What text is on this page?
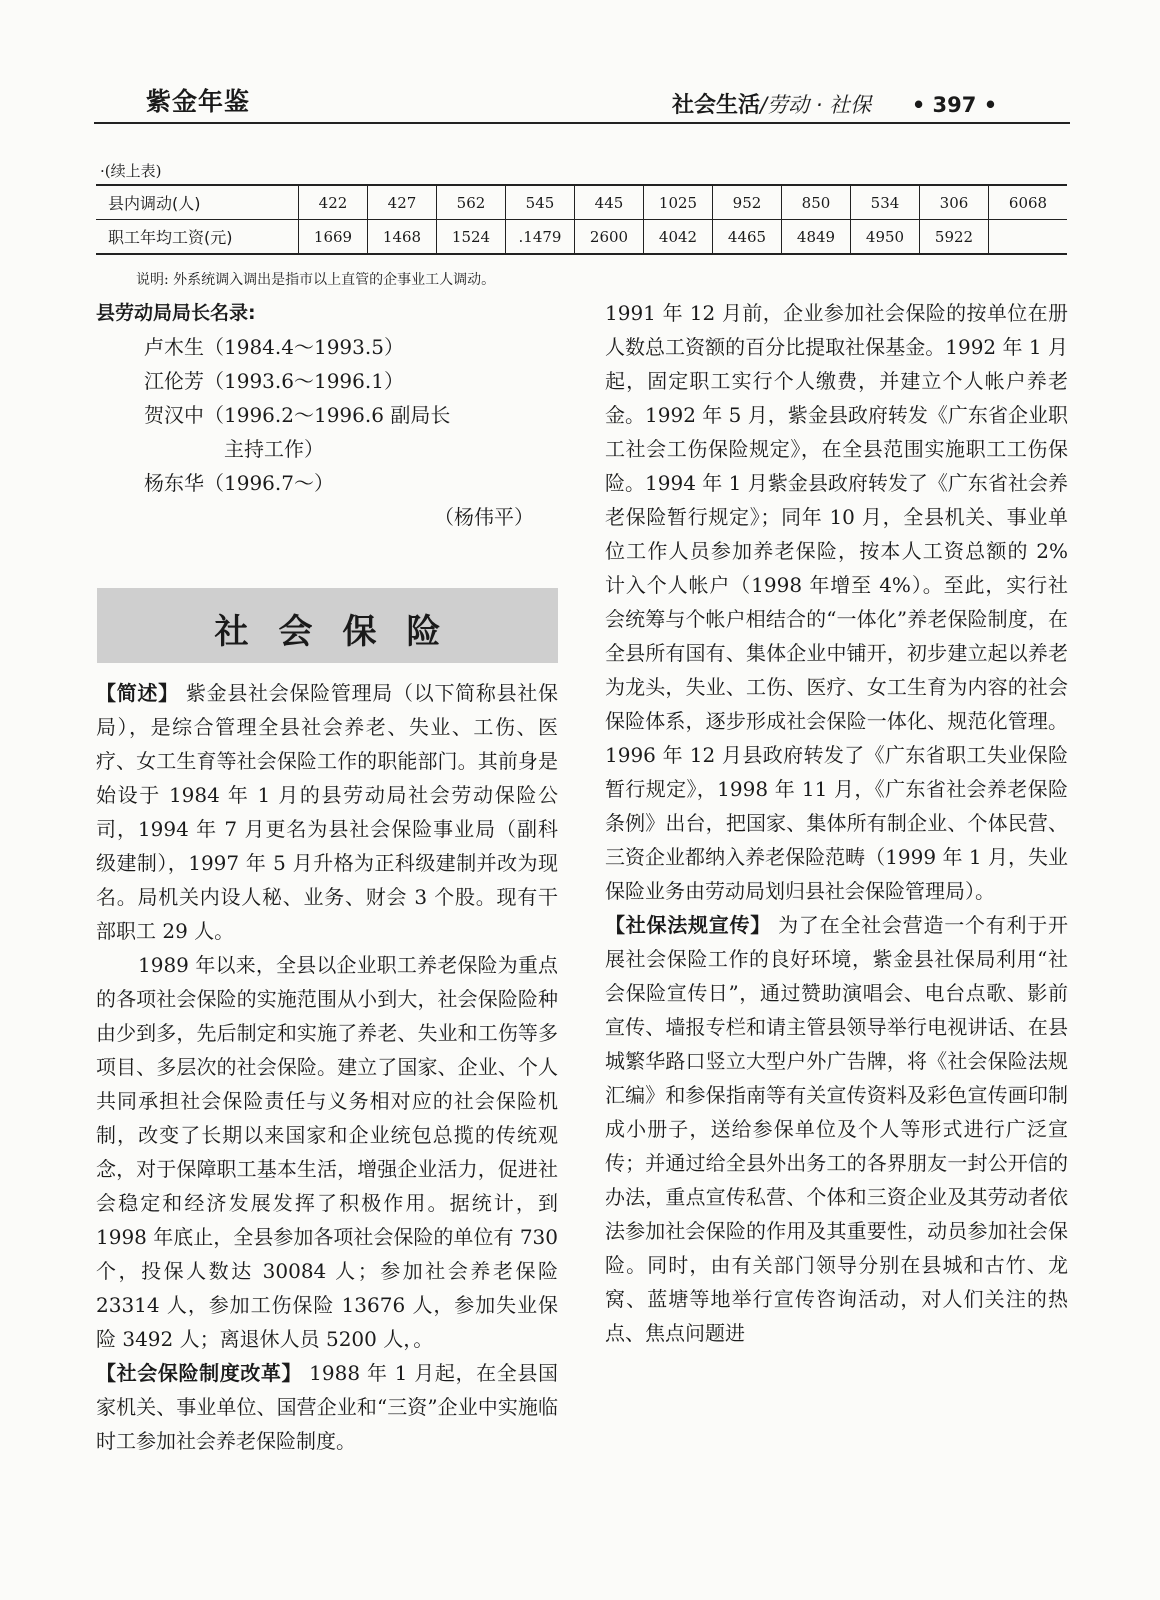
紫金年鉴	社会生活/劳动 · 社保 • 397 •
·(续上表)
县内调动(人)	422	427	562	545	445	1025	952	850	534	306	6068
职工年均工资(元)	1669	1468	1524	.1479	2600	4042	4465	4849	4950	5922	
说明: 外系统调入调出是指市以上直管的企事业工人调动。

县劳动局局长名录:

卢木生（1984.4～1993.5）

江伦芳（1993.6～1996.1）

贺汉中（1996.2～1996.6 副局长

主持工作）

杨东华（1996.7～）

（杨伟平）

社会保险

【简述】 紫金县社会保险管理局（以下简称县社保局），是综合管理全县社会养老、失业、工伤、医疗、女工生育等社会保险工作的职能部门。其前身是始设于 1984 年 1 月的县劳动局社会劳动保险公司，1994 年 7 月更名为县社会保险事业局（副科级建制），1997 年 5 月升格为正科级建制并改为现名。局机关内设人秘、业务、财会 3 个股。现有干部职工 29 人。

1989 年以来，全县以企业职工养老保险为重点的各项社会保险的实施范围从小到大，社会保险险种由少到多，先后制定和实施了养老、失业和工伤等多项目、多层次的社会保险。建立了国家、企业、个人共同承担社会保险责任与义务相对应的社会保险机制，改变了长期以来国家和企业统包总揽的传统观念，对于保障职工基本生活，增强企业活力，促进社会稳定和经济发展发挥了积极作用。据统计，到 1998 年底止，全县参加各项社会保险的单位有 730 个，投保人数达 30084 人；参加社会养老保险 23314 人，参加工伤保险 13676 人，参加失业保险 3492 人；离退休人员 5200 人，。

【社会保险制度改革】 1988 年 1 月起，在全县国家机关、事业单位、国营企业和“三资”企业中实施临时工参加社会养老保险制度。

1991 年 12 月前，企业参加社会保险的按单位在册人数总工资额的百分比提取社保基金。1992 年 1 月起，固定职工实行个人缴费，并建立个人帐户养老金。1992 年 5 月，紫金县政府转发《广东省企业职工社会工伤保险规定》，在全县范围实施职工工伤保险。1994 年 1 月紫金县政府转发了《广东省社会养老保险暂行规定》；同年 10 月，全县机关、事业单位工作人员参加养老保险，按本人工资总额的 2% 计入个人帐户（1998 年增至 4%）。至此，实行社会统筹与个帐户相结合的“一体化”养老保险制度，在全县所有国有、集体企业中铺开，初步建立起以养老为龙头，失业、工伤、医疗、女工生育为内容的社会保险体系，逐步形成社会保险一体化、规范化管理。1996 年 12 月县政府转发了《广东省职工失业保险暂行规定》，1998 年 11 月，《广东省社会养老保险条例》出台，把国家、集体所有制企业、个体民营、三资企业都纳入养老保险范畴（1999 年 1 月，失业保险业务由劳动局划归县社会保险管理局）。

【社保法规宣传】 为了在全社会营造一个有利于开展社会保险工作的良好环境，紫金县社保局利用“社会保险宣传日”，通过赞助演唱会、电台点歌、影前宣传、墙报专栏和请主管县领导举行电视讲话、在县城繁华路口竖立大型户外广告牌，将《社会保险法规汇编》和参保指南等有关宣传资料及彩色宣传画印制成小册子，送给参保单位及个人等形式进行广泛宣传；并通过给全县外出务工的各界朋友一封公开信的办法，重点宣传私营、个体和三资企业及其劳动者依法参加社会保险的作用及其重要性，动员参加社会保险。同时，由有关部门领导分别在县城和古竹、龙窝、蓝塘等地举行宣传咨询活动，对人们关注的热点、焦点问题进
